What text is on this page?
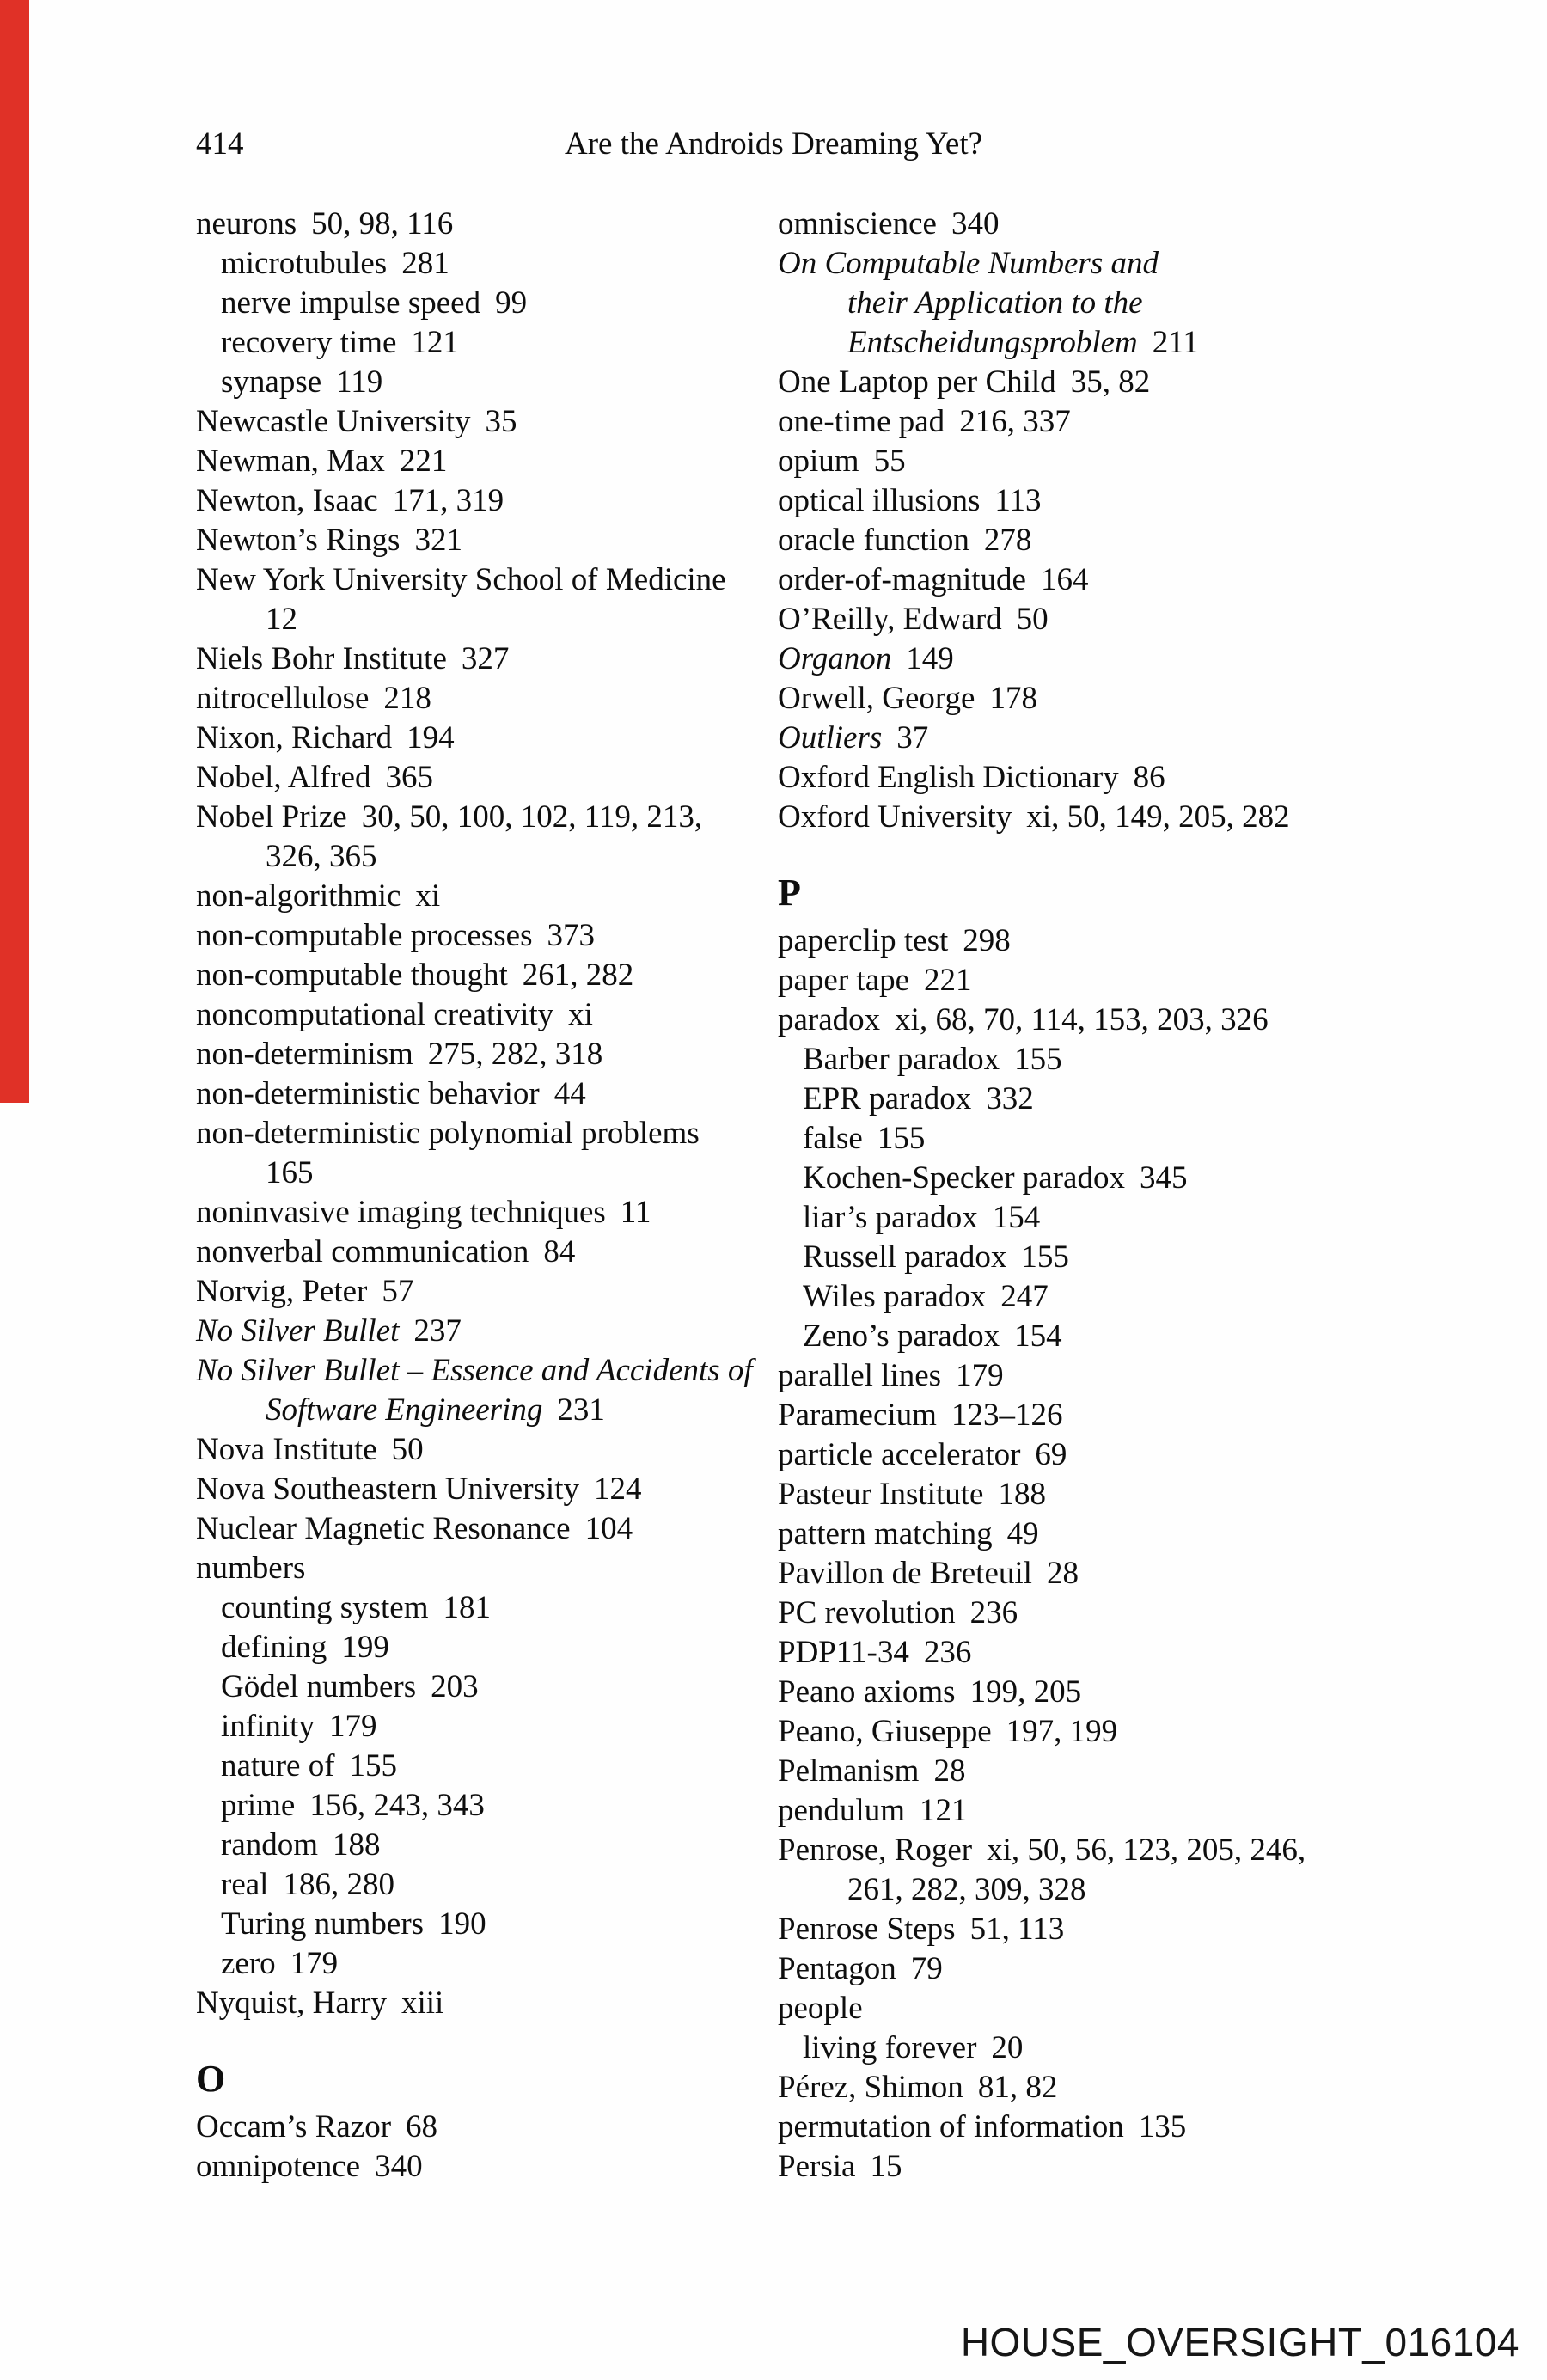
414	Are the Androids Dreaming Yet?
neurons 50, 98, 116
microtubules 281
nerve impulse speed 99
recovery time 121
synapse 119
Newcastle University 35
Newman, Max 221
Newton, Isaac 171, 319
Newton’s Rings 321
New York University School of Medicine
12
Niels Bohr Institute 327
nitrocellulose 218
Nixon, Richard 194
Nobel, Alfred 365
Nobel Prize 30, 50, 100, 102, 119, 213,
326, 365
non-algorithmic xi
non-computable processes 373
non-computable thought 261, 282
noncomputational creativity xi
non-determinism 275, 282, 318
non-deterministic behavior 44
non-deterministic polynomial problems
165
noninvasive imaging techniques 11
nonverbal communication 84
Norvig, Peter 57
No Silver Bullet 237
No Silver Bullet – Essence and Accidents of
Software Engineering 231
Nova Institute 50
Nova Southeastern University 124
Nuclear Magnetic Resonance 104
numbers
counting system 181
defining 199
Gödel numbers 203
infinity 179
nature of 155
prime 156, 243, 343
random 188
real 186, 280
Turing numbers 190
zero 179
Nyquist, Harry xiii
O
Occam’s Razor 68
omnipotence 340
omniscience 340
On Computable Numbers and
their Application to the
Entscheidungsproblem 211
One Laptop per Child 35, 82
one-time pad 216, 337
opium 55
optical illusions 113
oracle function 278
order-of-magnitude 164
O’Reilly, Edward 50
Organon 149
Orwell, George 178
Outliers 37
Oxford English Dictionary 86
Oxford University xi, 50, 149, 205, 282
P
paperclip test 298
paper tape 221
paradox xi, 68, 70, 114, 153, 203, 326
Barber paradox 155
EPR paradox 332
false 155
Kochen-Specker paradox 345
liar’s paradox 154
Russell paradox 155
Wiles paradox 247
Zeno’s paradox 154
parallel lines 179
Paramecium 123–126
particle accelerator 69
Pasteur Institute 188
pattern matching 49
Pavillon de Breteuil 28
PC revolution 236
PDP11-34 236
Peano axioms 199, 205
Peano, Giuseppe 197, 199
Pelmanism 28
pendulum 121
Penrose, Roger xi, 50, 56, 123, 205, 246,
261, 282, 309, 328
Penrose Steps 51, 113
Pentagon 79
people
living forever 20
Pérez, Shimon 81, 82
permutation of information 135
Persia 15
HOUSE_OVERSIGHT_016104
